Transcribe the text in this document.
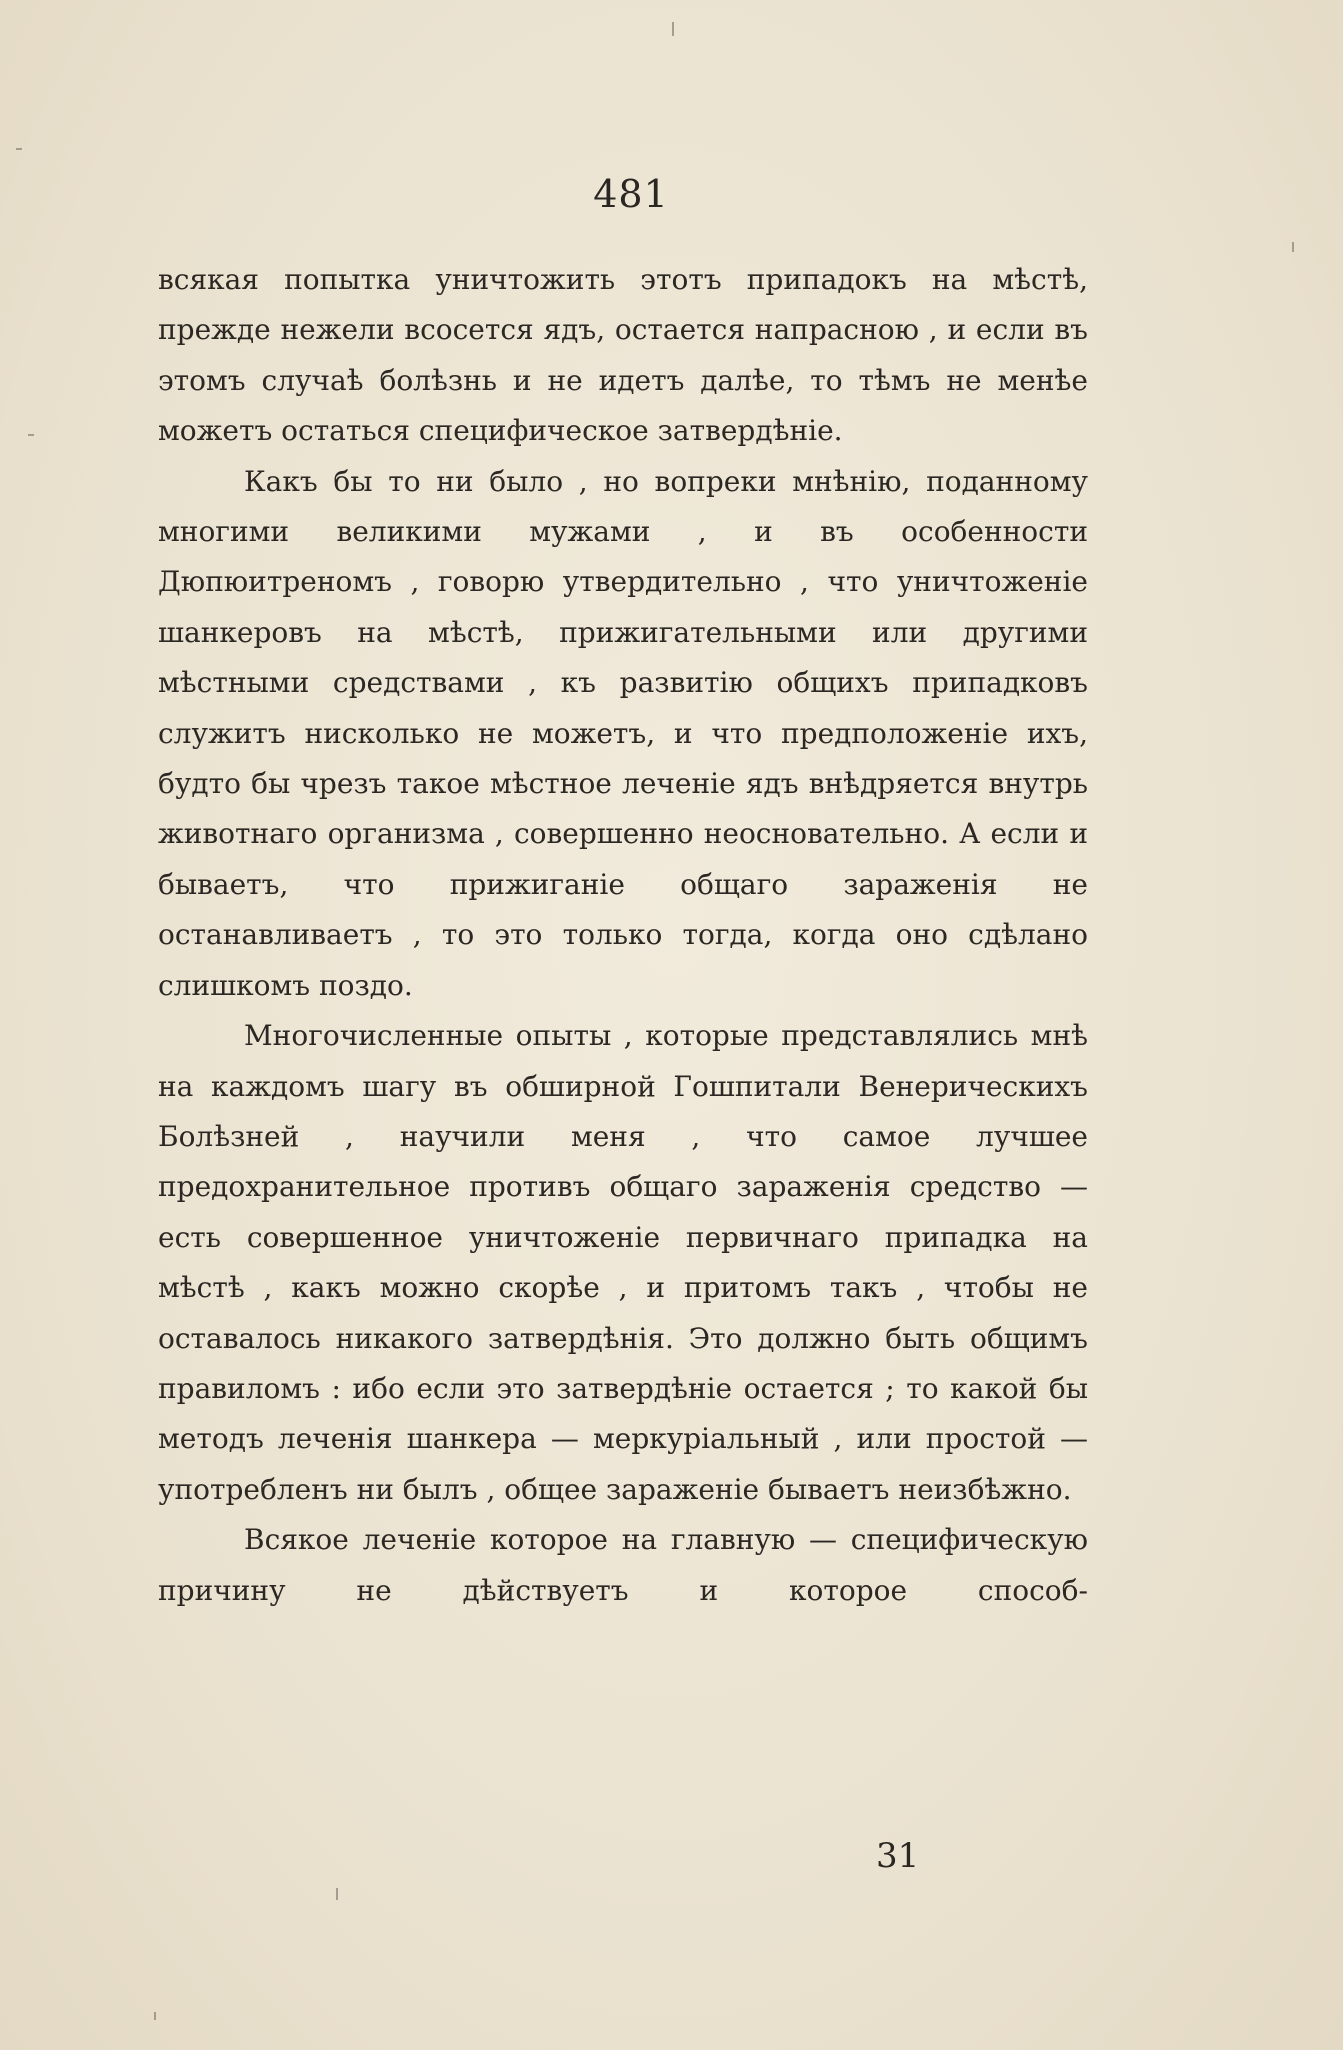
481

всякая попытка уничтожить этотъ припадокъ на мѣстѣ, прежде нежели всосется ядъ, остается напрасною , и если въ этомъ случаѣ болѣзнь и не идетъ далѣе, то тѣмъ не менѣе можетъ остаться специфическое затвердѣніе.

Какъ бы то ни было , но вопреки мнѣнію, поданному многими великими мужами , и въ особенности Дюпюитреномъ , говорю утвердительно , что уничтоженіе шанкеровъ на мѣстѣ, прижигательными или другими мѣстными средствами , къ развитію общихъ припадковъ служитъ нисколько не можетъ, и что предположеніе ихъ, будто бы чрезъ такое мѣстное леченіе ядъ внѣдряется внутрь животнаго организма , совершенно неосновательно. А если и бываетъ, что прижиганіе общаго зараженія не останавливаетъ , то это только тогда, когда оно сдѣлано слишкомъ поздо.

Многочисленные опыты , которые представлялись мнѣ на каждомъ шагу въ обширной Гошпитали Венерическихъ Болѣзней , научили меня , что самое лучшее предохранительное противъ общаго зараженія средство — есть совершенное уничтоженіе первичнаго припадка на мѣстѣ , какъ можно скорѣе , и притомъ такъ , чтобы не оставалось никакого затвердѣнія. Это должно быть общимъ правиломъ : ибо если это затвердѣніе остается ; то какой бы методъ леченія шанкера — меркуріальный , или простой — употребленъ ни былъ , общее зараженіе бываетъ неизбѣжно.

Всякое леченіе которое на главную — специфическую причину не дѣйствуетъ и которое способ-

31
